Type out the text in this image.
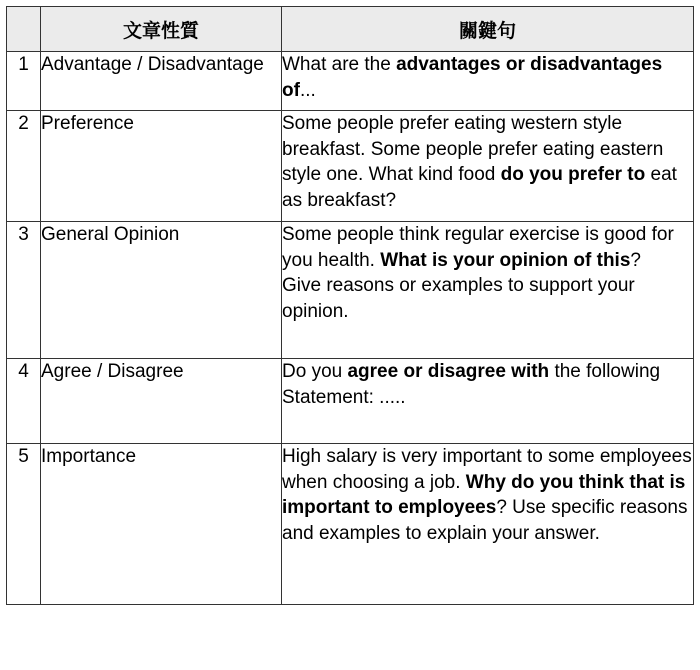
	文章性質	關鍵句
1	Advantage / Disadvantage	What are the advantages or disadvantages of...
2	Preference	Some people prefer eating western style breakfast. Some people prefer eating eastern style one. What kind food do you prefer to eat as breakfast?
3	General Opinion	Some people think regular exercise is good for you health. What is your opinion of this?
Give reasons or examples to support your opinion.

4	Agree / Disagree	Do you agree or disagree with the following
Statement: .....

5	Importance	High salary is very important to some employees when choosing a job. Why do you think that is important to employees? Use specific reasons and examples to explain your answer.
